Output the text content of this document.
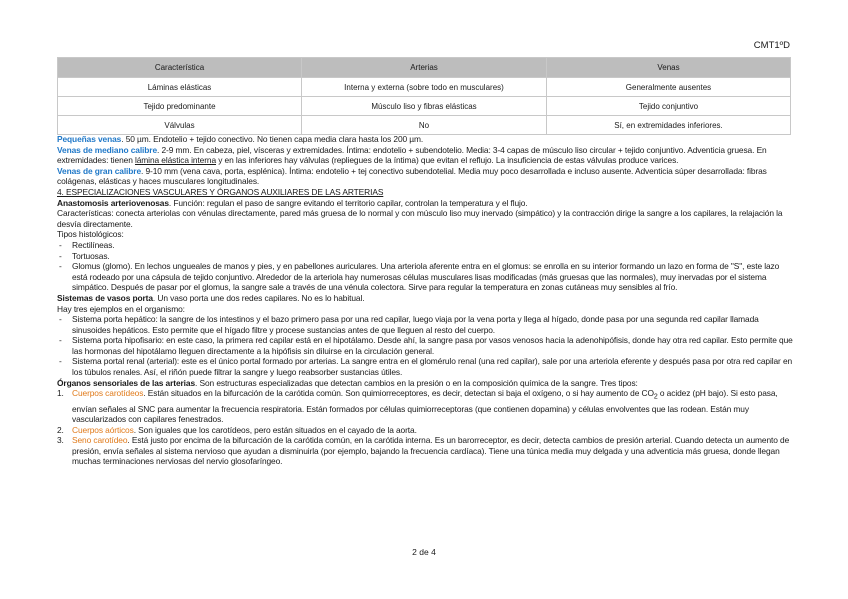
CMT1ºD
Característica	Arterias	Venas
Láminas elásticas	Interna y externa (sobre todo en musculares)	Generalmente ausentes
Tejido predominante	Músculo liso y fibras elásticas	Tejido conjuntivo
Válvulas	No	Sí, en extremidades inferiores.

Pequeñas venas. 50 µm. Endotelio + tejido conectivo. No tienen capa media clara hasta los 200 µm.

Venas de mediano calibre. 2-9 mm. En cabeza, piel, vísceras y extremidades. Íntima: endotelio + subendotelio. Media: 3-4 capas de músculo liso circular + tejido conjuntivo. Adventicia gruesa. En extremidades: tienen lámina elástica interna y en las inferiores hay válvulas (repliegues de la íntima) que evitan el reflujo. La insuficiencia de estas válvulas produce varices.

Venas de gran calibre. 9-10 mm (vena cava, porta, esplénica). Íntima: endotelio + tej conectivo subendotelial. Media muy poco desarrollada e incluso ausente. Adventicia súper desarrollada: fibras colágenas, elásticas y haces musculares longitudinales.

4. ESPECIALIZACIONES VASCULARES Y ÓRGANOS AUXILIARES DE LAS ARTERIAS

Anastomosis arteriovenosas. Función: regulan el paso de sangre evitando el territorio capilar, controlan la temperatura y el flujo.

Características: conecta arteriolas con vénulas directamente, pared más gruesa de lo normal y con músculo liso muy inervado (simpático) y la contracción dirige la sangre a los capilares, la relajación la desvía directamente.

Tipos histológicos:

- Rectilíneas.
- Tortuosas.
- Glomus (glomo). En lechos ungueales de manos y pies, y en pabellones auriculares. Una arteriola aferente entra en el glomus: se enrolla en su interior formando un lazo en forma de "S", este lazo está rodeado por una cápsula de tejido conjuntivo. Alrededor de la arteriola hay numerosas células musculares lisas modificadas (más gruesas que las normales), muy inervadas por el sistema simpático. Después de pasar por el glomus, la sangre sale a través de una vénula colectora. Sirve para regular la temperatura en zonas cutáneas muy sensibles al frío.

Sistemas de vasos porta. Un vaso porta une dos redes capilares. No es lo habitual.

Hay tres ejemplos en el organismo:

- Sistema porta hepático: la sangre de los intestinos y el bazo primero pasa por una red capilar, luego viaja por la vena porta y llega al hígado, donde pasa por una segunda red capilar llamada sinusoides hepáticos. Esto permite que el hígado filtre y procese sustancias antes de que lleguen al resto del cuerpo.
- Sistema porta hipofisario: en este caso, la primera red capilar está en el hipotálamo. Desde ahí, la sangre pasa por vasos venosos hacia la adenohipófisis, donde hay otra red capilar. Esto permite que las hormonas del hipotálamo lleguen directamente a la hipófisis sin diluirse en la circulación general.
- Sistema portal renal (arterial): este es el único portal formado por arterias. La sangre entra en el glomérulo renal (una red capilar), sale por una arteriola eferente y después pasa por otra red capilar en los túbulos renales. Así, el riñón puede filtrar la sangre y luego reabsorber sustancias útiles.

Órganos sensoriales de las arterias. Son estructuras especializadas que detectan cambios en la presión o en la composición química de la sangre. Tres tipos:

1. Cuerpos carotídeos. Están situados en la bifurcación de la carótida común. Son quimiorreceptores, es decir, detectan si baja el oxígeno, o si hay aumento de $CO_2$ o acidez (pH bajo). Si esto pasa, envían señales al SNC para aumentar la frecuencia respiratoria. Están formados por células quimiorreceptoras (que contienen dopamina) y células envolventes que las rodean. Están muy vascularizados con capilares fenestrados.
2. Cuerpos aórticos. Son iguales que los carotídeos, pero están situados en el cayado de la aorta.
3. Seno carotídeo. Está justo por encima de la bifurcación de la carótida común, en la carótida interna. Es un barorreceptor, es decir, detecta cambios de presión arterial. Cuando detecta un aumento de presión, envía señales al sistema nervioso que ayudan a disminuirla (por ejemplo, bajando la frecuencia cardíaca). Tiene una túnica media muy delgada y una adventicia más gruesa, donde llegan muchas terminaciones nerviosas del nervio glosofaríngeo.
2 de 4
